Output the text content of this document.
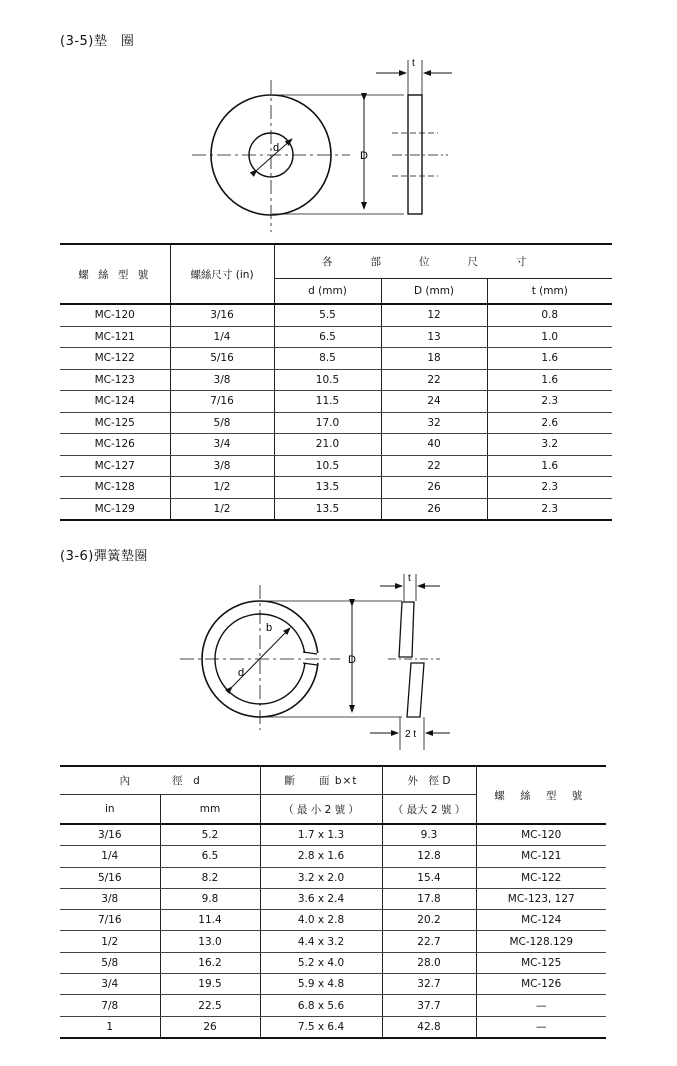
(3-5)墊　圈
d
D
t
螺 絲 型 號	螺絲尺寸 (in)	各部位尺寸		
		d (mm)	D (mm)	t (mm)
MC-120	3/16	5.5	12	0.8
MC-121	1/4	6.5	13	1.0
MC-122	5/16	8.5	18	1.6
MC-123	3/8	10.5	22	1.6
MC-124	7/16	11.5	24	2.3
MC-125	5/8	17.0	32	2.6
MC-126	3/4	21.0	40	3.2
MC-127	3/8	10.5	22	1.6
MC-128	1/2	13.5	26	2.3
MC-129	1/2	13.5	26	2.3
(3-6)彈簧墊圈
b
d
D
t
2 t
內　　　　徑　d		斷　　面 b×t	外　徑 D	螺 絲 型 號
in	mm	（ 最 小 2 號 ）	（ 最大 2 號 ）	
3/16	5.2	1.7 x 1.3	9.3	MC-120
1/4	6.5	2.8 x 1.6	12.8	MC-121
5/16	8.2	3.2 x 2.0	15.4	MC-122
3/8	9.8	3.6 x 2.4	17.8	MC-123, 127
7/16	11.4	4.0 x 2.8	20.2	MC-124
1/2	13.0	4.4 x 3.2	22.7	MC-128.129
5/8	16.2	5.2 x 4.0	28.0	MC-125
3/4	19.5	5.9 x 4.8	32.7	MC-126
7/8	22.5	6.8 x 5.6	37.7	—
1	26	7.5 x 6.4	42.8	—
